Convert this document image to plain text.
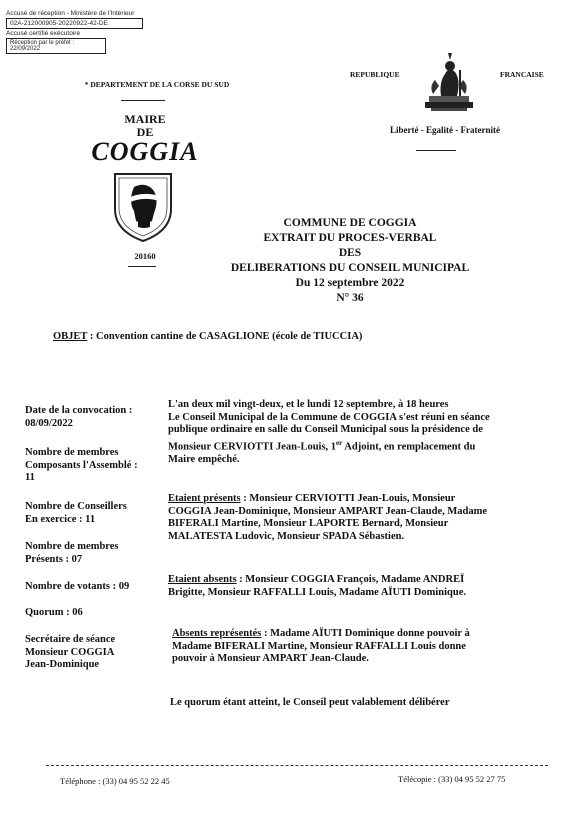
Accusé de réception - Ministère de l'Intérieur
02A-212000905-20220922-42-DE
Accusé certifié exécutoire
Réception par le préfet : 22/09/2022
* DEPARTEMENT DE LA CORSE DU SUD
MAIRE
DE
COGGIA
20160
REPUBLIQUE	FRANCAISE
Liberté - Egalité - Fraternité
COMMUNE DE COGGIA
EXTRAIT DU PROCES-VERBAL
DES
DELIBERATIONS DU CONSEIL MUNICIPAL
Du 12 septembre 2022
N° 36
OBJET : Convention cantine de CASAGLIONE (école de TIUCCIA)
Date de la convocation :
08/09/2022
Nombre de membres
Composants l'Assemblé :
11
Nombre de Conseillers
En exercice : 11
Nombre de membres
Présents : 07
Nombre de votants : 09
Quorum : 06
Secrétaire de séance
Monsieur COGGIA
Jean-Dominique
L'an deux mil vingt-deux, et le lundi 12 septembre, à 18 heures
Le Conseil Municipal de la Commune de COGGIA s'est réuni en séance
publique ordinaire en salle du Conseil Municipal sous la présidence de
Monsieur CERVIOTTI Jean-Louis, 1er Adjoint, en remplacement du
Maire empêché.
Etaient présents : Monsieur CERVIOTTI Jean-Louis, Monsieur
COGGIA Jean-Dominique, Monsieur AMPART Jean-Claude, Madame
BIFERALI Martine, Monsieur LAPORTE Bernard, Monsieur
MALATESTA Ludovic, Monsieur SPADA Sébastien.
Etaient absents : Monsieur COGGIA François, Madame ANDREÏ
Brigitte, Monsieur RAFFALLI Louis, Madame AÏUTI Dominique.
Absents représentés : Madame AÏUTI Dominique donne pouvoir à
Madame BIFERALI Martine, Monsieur RAFFALLI Louis donne
pouvoir à Monsieur AMPART Jean-Claude.
Le quorum étant atteint, le Conseil peut valablement délibérer
Téléphone : (33) 04 95 52 22 45	Télécopie : (33) 04 95 52 27 75
